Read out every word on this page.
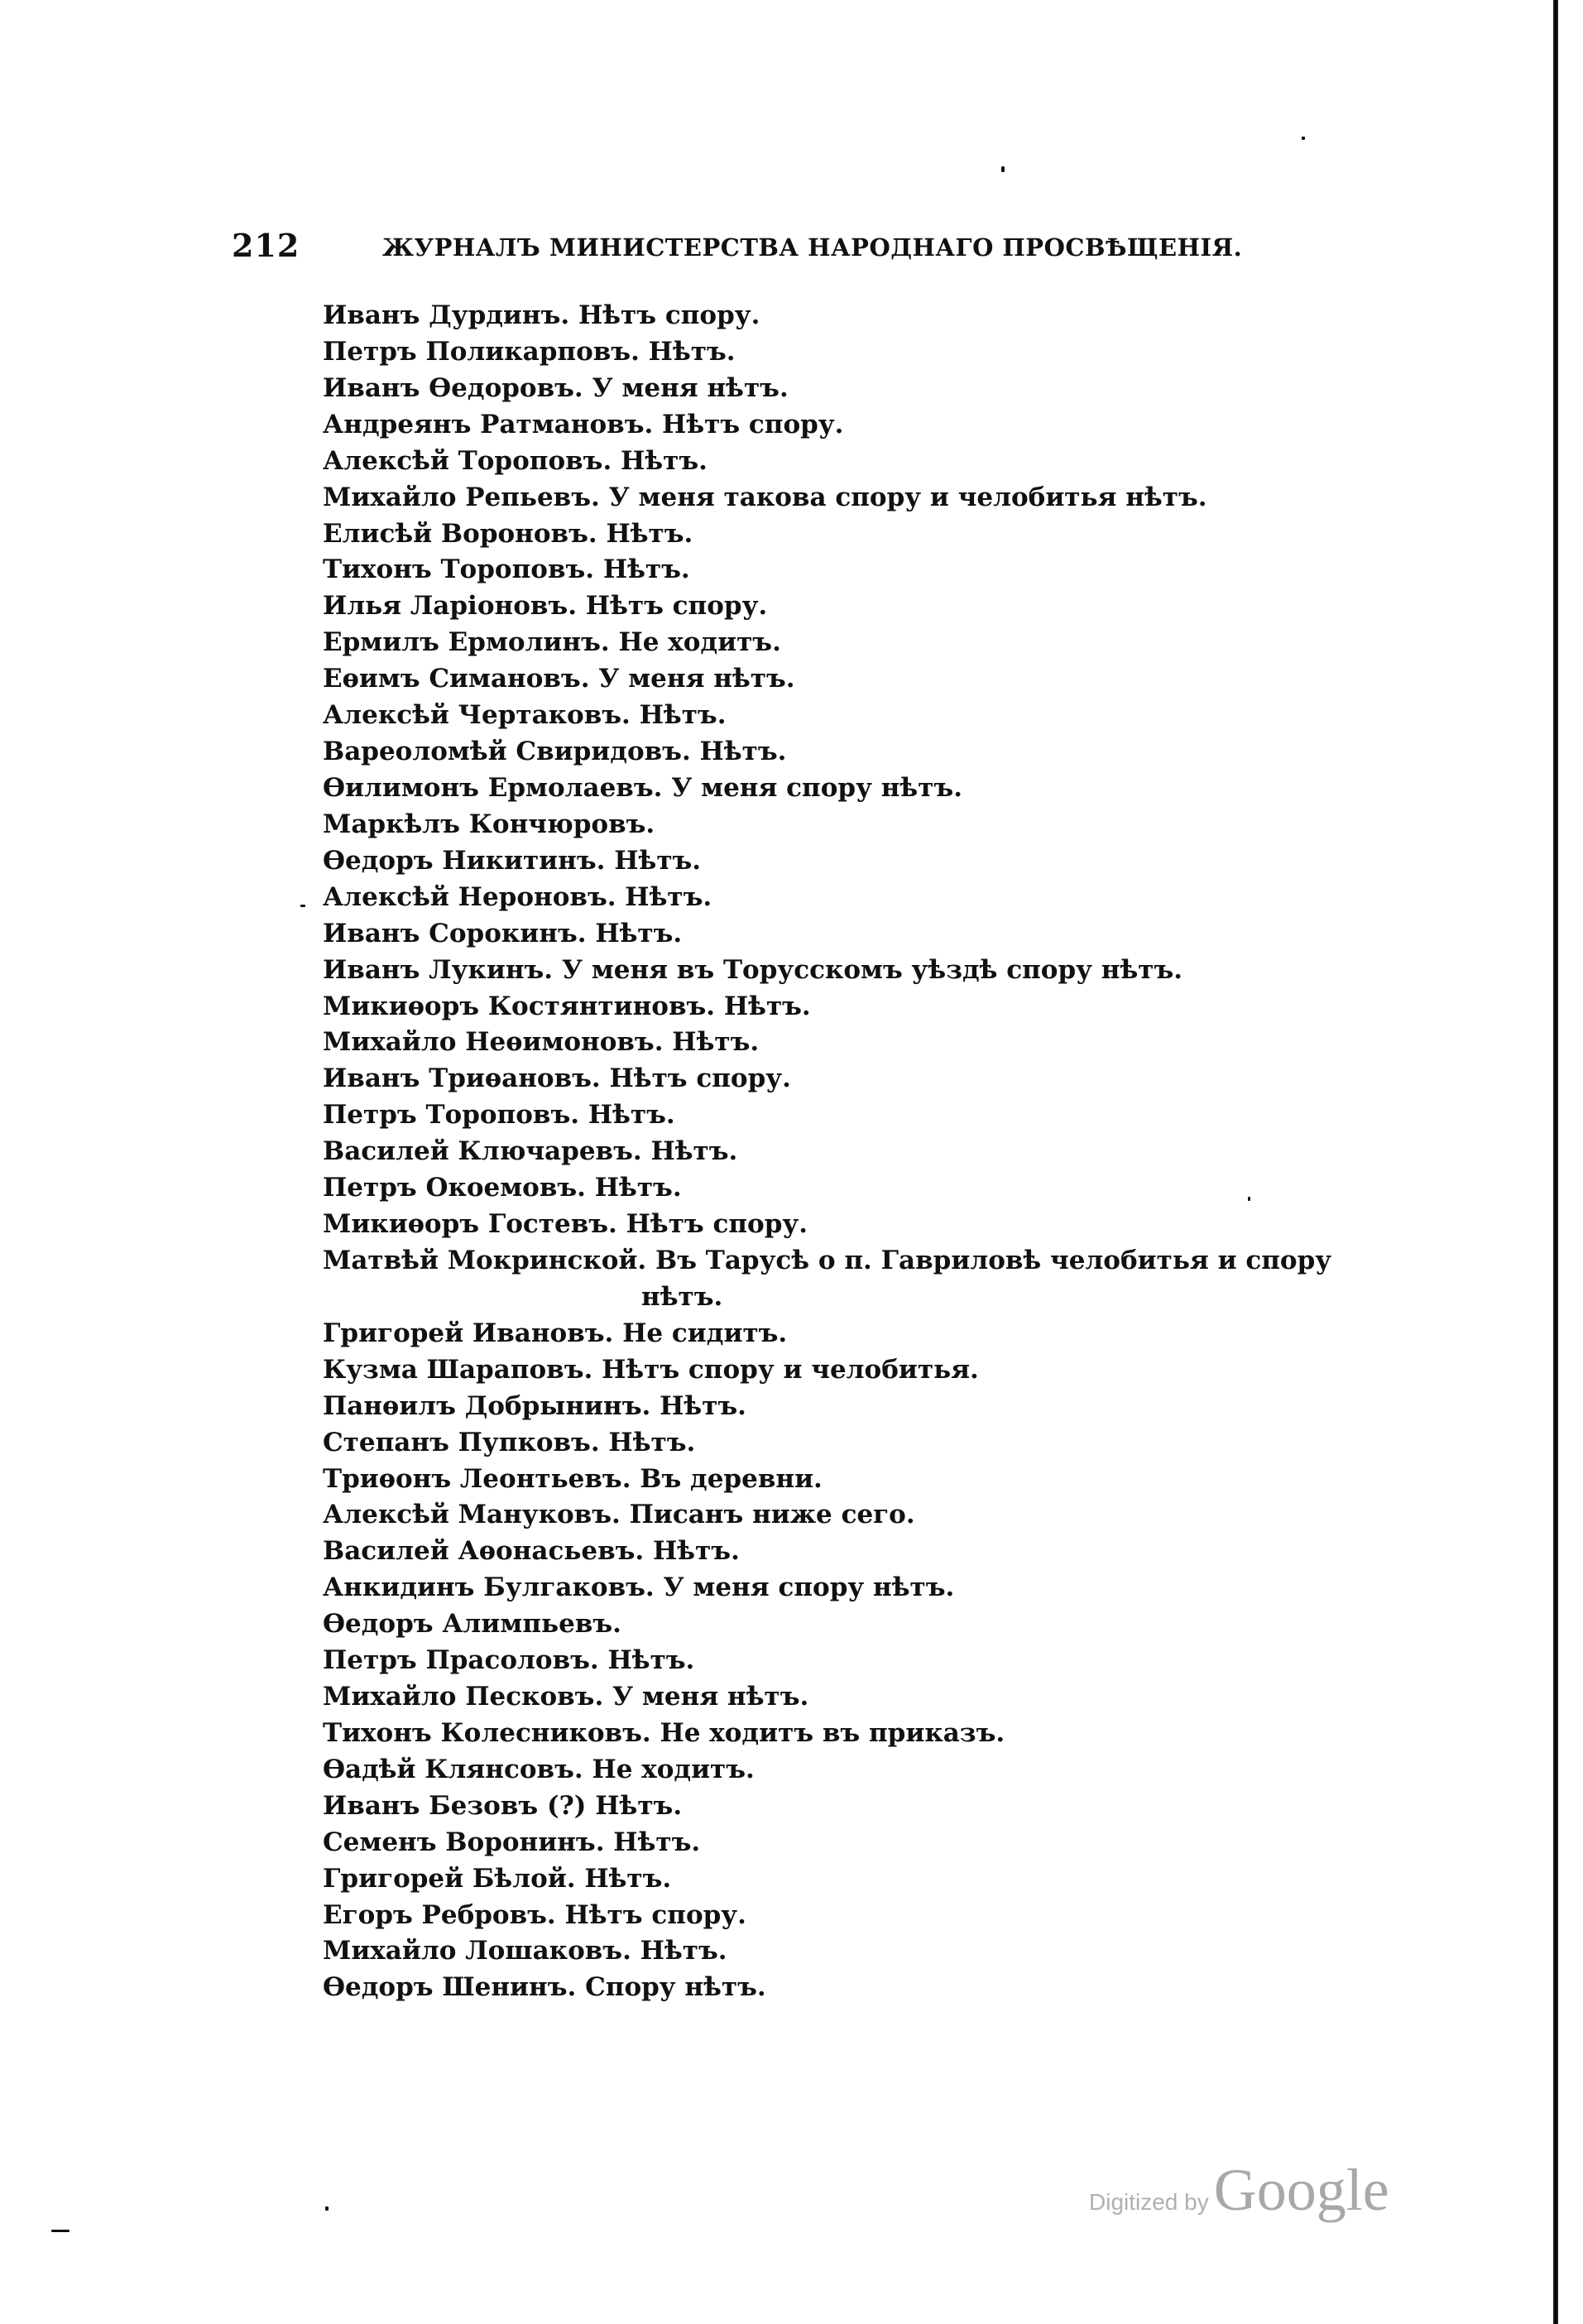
212	ЖУРНАЛЪ МИНИСТЕРСТВА НАРОДНАГО ПРОСВѢЩЕНІЯ.
Иванъ Дурдинъ. Нѣтъ спору.
Петръ Поликарповъ. Нѣтъ.
Иванъ Ѳедоровъ. У меня нѣтъ.
Андреянъ Ратмановъ. Нѣтъ спору.
Алексѣй Тороповъ. Нѣтъ.
Михайло Репьевъ. У меня такова спору и челобитья нѣтъ.
Елисѣй Вороновъ. Нѣтъ.
Тихонъ Тороповъ. Нѣтъ.
Илья Ларіоновъ. Нѣтъ спору.
Ермилъ Ермолинъ. Не ходитъ.
Еѳимъ Симановъ. У меня нѣтъ.
Алексѣй Чертаковъ. Нѣтъ.
Вареоломѣй Свиридовъ. Нѣтъ.
Ѳилимонъ Ермолаевъ. У меня спору нѣтъ.
Маркѣлъ Кончюровъ.
Ѳедоръ Никитинъ. Нѣтъ.
Алексѣй Нероновъ. Нѣтъ.
Иванъ Сорокинъ. Нѣтъ.
Иванъ Лукинъ. У меня въ Торусскомъ уѣздѣ спору нѣтъ.
Микиѳоръ Костянтиновъ. Нѣтъ.
Михайло Неѳимоновъ. Нѣтъ.
Иванъ Триѳановъ. Нѣтъ спору.
Петръ Тороповъ. Нѣтъ.
Василей Ключаревъ. Нѣтъ.
Петръ Окоемовъ. Нѣтъ.
Микиѳоръ Гостевъ. Нѣтъ спору.
Матвѣй Мокринской. Въ Тарусѣ о п. Гавриловѣ челобитья и спору
нѣтъ.
Григорей Ивановъ. Не сидитъ.
Кузма Шараповъ. Нѣтъ спору и челобитья.
Панѳилъ Добрынинъ. Нѣтъ.
Степанъ Пупковъ. Нѣтъ.
Триѳонъ Леонтьевъ. Въ деревни.
Алексѣй Мануковъ. Писанъ ниже сего.
Василей Аѳонасьевъ. Нѣтъ.
Анкидинъ Булгаковъ. У меня спору нѣтъ.
Ѳедоръ Алимпьевъ.
Петръ Прасоловъ. Нѣтъ.
Михайло Песковъ. У меня нѣтъ.
Тихонъ Колесниковъ. Не ходитъ въ приказъ.
Ѳадѣй Клянсовъ. Не ходитъ.
Иванъ Безовъ (?) Нѣтъ.
Семенъ Воронинъ. Нѣтъ.
Григорей Бѣлой. Нѣтъ.
Егоръ Ребровъ. Нѣтъ спору.
Михайло Лошаковъ. Нѣтъ.
Ѳедоръ Шенинъ. Спору нѣтъ.
Digitized by Google
